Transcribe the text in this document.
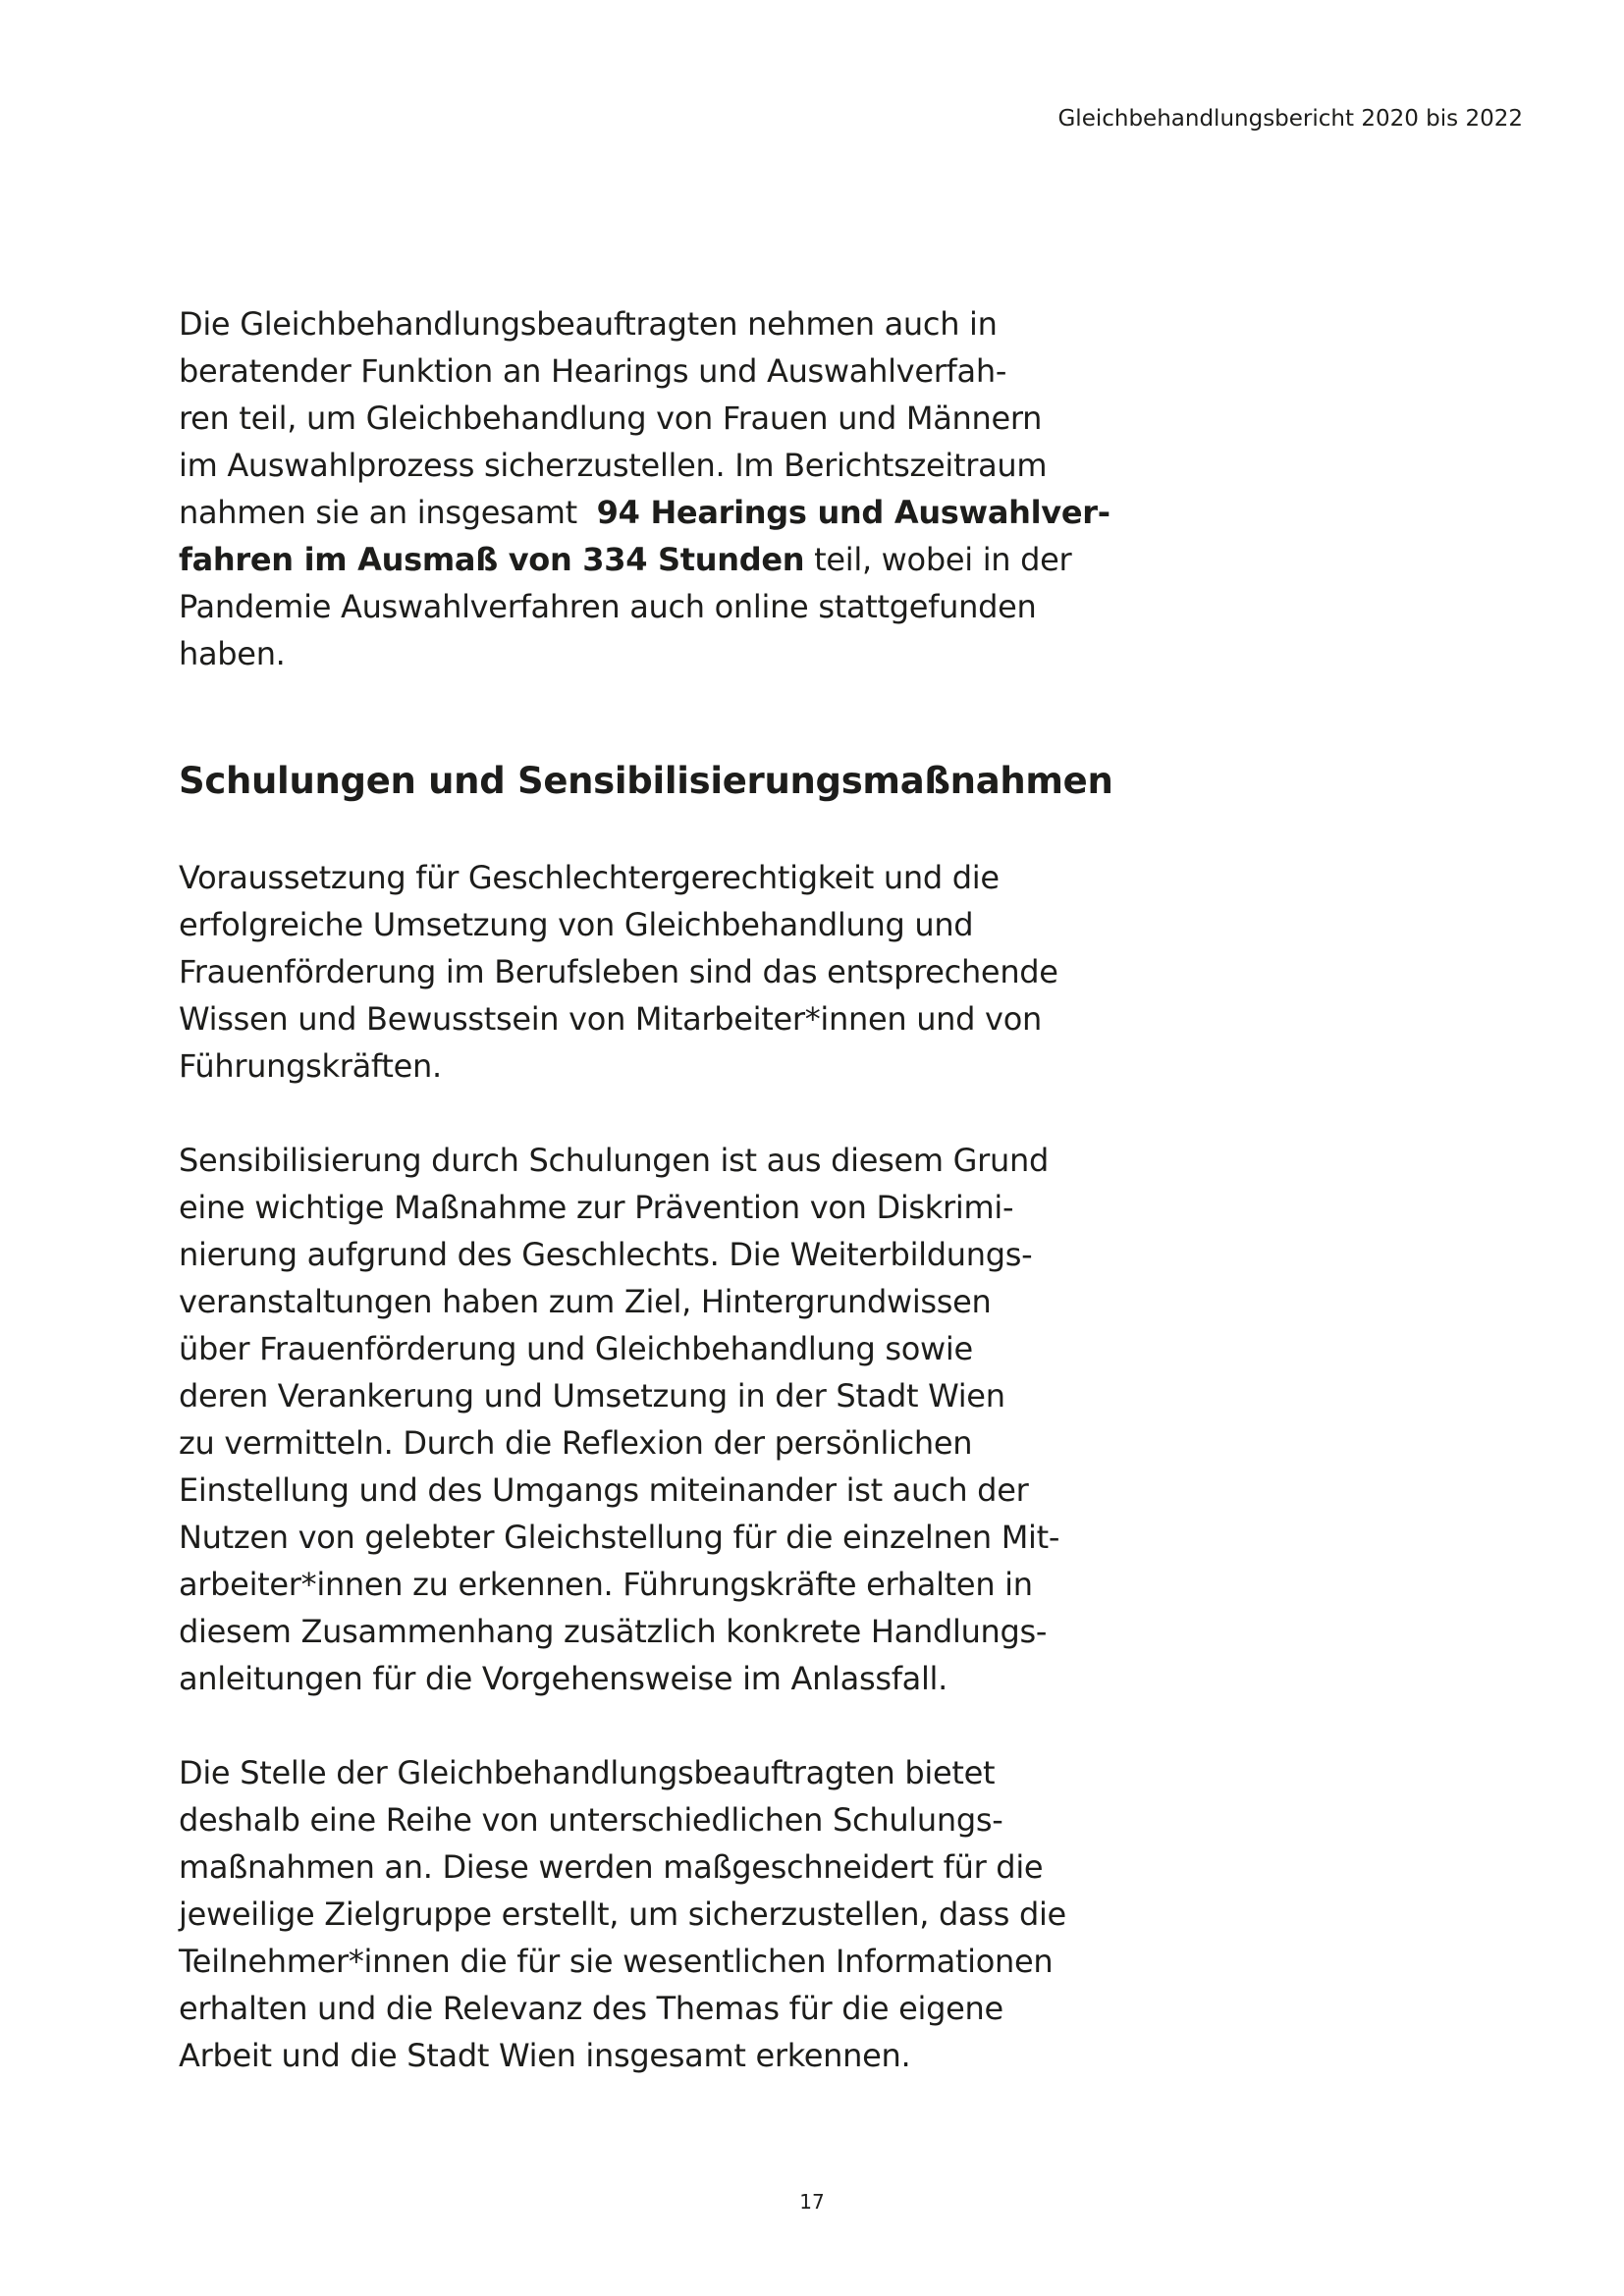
Gleichbehandlungsbericht 2020 bis 2022

Die Gleichbehandlungsbeauftragten nehmen auch in
beratender Funktion an Hearings und Auswahlverfah-
ren teil, um Gleichbehandlung von Frauen und Männern
im Auswahlprozess sicherzustellen. Im Berichtszeitraum
nahmen sie an insgesamt  94 Hearings und Auswahlver-
fahren im Ausmaß von 334 Stunden teil, wobei in der
Pandemie Auswahlverfahren auch online stattgefunden
haben.

Schulungen und Sensibilisierungsmaßnahmen

Voraussetzung für Geschlechtergerechtigkeit und die
erfolgreiche Umsetzung von Gleichbehandlung und
Frauenförderung im Berufsleben sind das entsprechende
Wissen und Bewusstsein von Mitarbeiter*innen und von
Führungskräften.

Sensibilisierung durch Schulungen ist aus diesem Grund
eine wichtige Maßnahme zur Prävention von Diskrimi-
nierung aufgrund des Geschlechts. Die Weiterbildungs-
veranstaltungen haben zum Ziel, Hintergrundwissen
über Frauenförderung und Gleichbehandlung sowie
deren Verankerung und Umsetzung in der Stadt Wien
zu vermitteln. Durch die Reflexion der persönlichen
Einstellung und des Umgangs miteinander ist auch der
Nutzen von gelebter Gleichstellung für die einzelnen Mit-
arbeiter*innen zu erkennen. Führungskräfte erhalten in
diesem Zusammenhang zusätzlich konkrete Handlungs-
anleitungen für die Vorgehensweise im Anlassfall.

Die Stelle der Gleichbehandlungsbeauftragten bietet
deshalb eine Reihe von unterschiedlichen Schulungs-
maßnahmen an. Diese werden maßgeschneidert für die
jeweilige Zielgruppe erstellt, um sicherzustellen, dass die
Teilnehmer*innen die für sie wesentlichen Informationen
erhalten und die Relevanz des Themas für die eigene
Arbeit und die Stadt Wien insgesamt erkennen.

17
